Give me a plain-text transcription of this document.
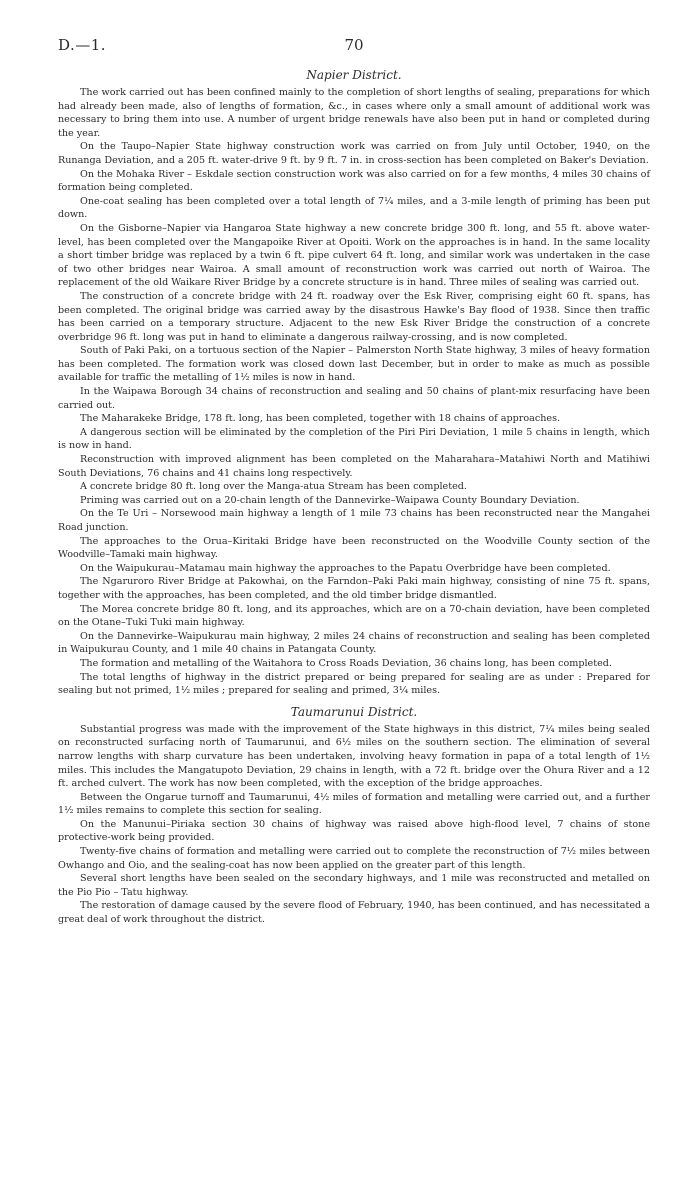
D.—1.	70
Napier District.

The work carried out has been confined mainly to the completion of short lengths of sealing, preparations for which had already been made, also of lengths of formation, &c., in cases where only a small amount of additional work was necessary to bring them into use. A number of urgent bridge renewals have also been put in hand or completed during the year.

On the Taupo–Napier State highway construction work was carried on from July until October, 1940, on the Runanga Deviation, and a 205 ft. water-drive 9 ft. by 9 ft. 7 in. in cross-section has been completed on Baker's Deviation.

On the Mohaka River – Eskdale section construction work was also carried on for a few months, 4 miles 30 chains of formation being completed.

One-coat sealing has been completed over a total length of 7¼ miles, and a 3-mile length of priming has been put down.

On the Gisborne–Napier via Hangaroa State highway a new concrete bridge 300 ft. long, and 55 ft. above water-level, has been completed over the Mangapoike River at Opoiti. Work on the approaches is in hand. In the same locality a short timber bridge was replaced by a twin 6 ft. pipe culvert 64 ft. long, and similar work was undertaken in the case of two other bridges near Wairoa. A small amount of reconstruction work was carried out north of Wairoa. The replacement of the old Waikare River Bridge by a concrete structure is in hand. Three miles of sealing was carried out.

The construction of a concrete bridge with 24 ft. roadway over the Esk River, comprising eight 60 ft. spans, has been completed. The original bridge was carried away by the disastrous Hawke's Bay flood of 1938. Since then traffic has been carried on a temporary structure. Adjacent to the new Esk River Bridge the construction of a concrete overbridge 96 ft. long was put in hand to eliminate a dangerous railway-crossing, and is now completed.

South of Paki Paki, on a tortuous section of the Napier – Palmerston North State highway, 3 miles of heavy formation has been completed. The formation work was closed down last December, but in order to make as much as possible available for traffic the metalling of 1½ miles is now in hand.

In the Waipawa Borough 34 chains of reconstruction and sealing and 50 chains of plant-mix resurfacing have been carried out.

The Maharakeke Bridge, 178 ft. long, has been completed, together with 18 chains of approaches.

A dangerous section will be eliminated by the completion of the Piri Piri Deviation, 1 mile 5 chains in length, which is now in hand.

Reconstruction with improved alignment has been completed on the Maharahara–Matahiwi North and Matihiwi South Deviations, 76 chains and 41 chains long respectively.

A concrete bridge 80 ft. long over the Manga-atua Stream has been completed.

Priming was carried out on a 20-chain length of the Dannevirke–Waipawa County Boundary Deviation.

On the Te Uri – Norsewood main highway a length of 1 mile 73 chains has been reconstructed near the Mangahei Road junction.

The approaches to the Orua–Kiritaki Bridge have been reconstructed on the Woodville County section of the Woodville–Tamaki main highway.

On the Waipukurau–Matamau main highway the approaches to the Papatu Overbridge have been completed.

The Ngaruroro River Bridge at Pakowhai, on the Farndon–Paki Paki main highway, consisting of nine 75 ft. spans, together with the approaches, has been completed, and the old timber bridge dismantled.

The Morea concrete bridge 80 ft. long, and its approaches, which are on a 70-chain deviation, have been completed on the Otane–Tuki Tuki main highway.

On the Dannevirke–Waipukurau main highway, 2 miles 24 chains of reconstruction and sealing has been completed in Waipukurau County, and 1 mile 40 chains in Patangata County.

The formation and metalling of the Waitahora to Cross Roads Deviation, 36 chains long, has been completed.

The total lengths of highway in the district prepared or being prepared for sealing are as under : Prepared for sealing but not primed, 1½ miles ; prepared for sealing and primed, 3¼ miles.

Taumarunui District.

Substantial progress was made with the improvement of the State highways in this district, 7¼ miles being sealed on reconstructed surfacing north of Taumarunui, and 6½ miles on the southern section. The elimination of several narrow lengths with sharp curvature has been undertaken, involving heavy formation in papa of a total length of 1½ miles. This includes the Mangatupoto Deviation, 29 chains in length, with a 72 ft. bridge over the Ohura River and a 12 ft. arched culvert. The work has now been completed, with the exception of the bridge approaches.

Between the Ongarue turnoff and Taumarunui, 4½ miles of formation and metalling were carried out, and a further 1½ miles remains to complete this section for sealing.

On the Manunui–Piriaka section 30 chains of highway was raised above high-flood level, 7 chains of stone protective-work being provided.

Twenty-five chains of formation and metalling were carried out to complete the reconstruction of 7½ miles between Owhango and Oio, and the sealing-coat has now been applied on the greater part of this length.

Several short lengths have been sealed on the secondary highways, and 1 mile was reconstructed and metalled on the Pio Pio – Tatu highway.

The restoration of damage caused by the severe flood of February, 1940, has been continued, and has necessitated a great deal of work throughout the district.
